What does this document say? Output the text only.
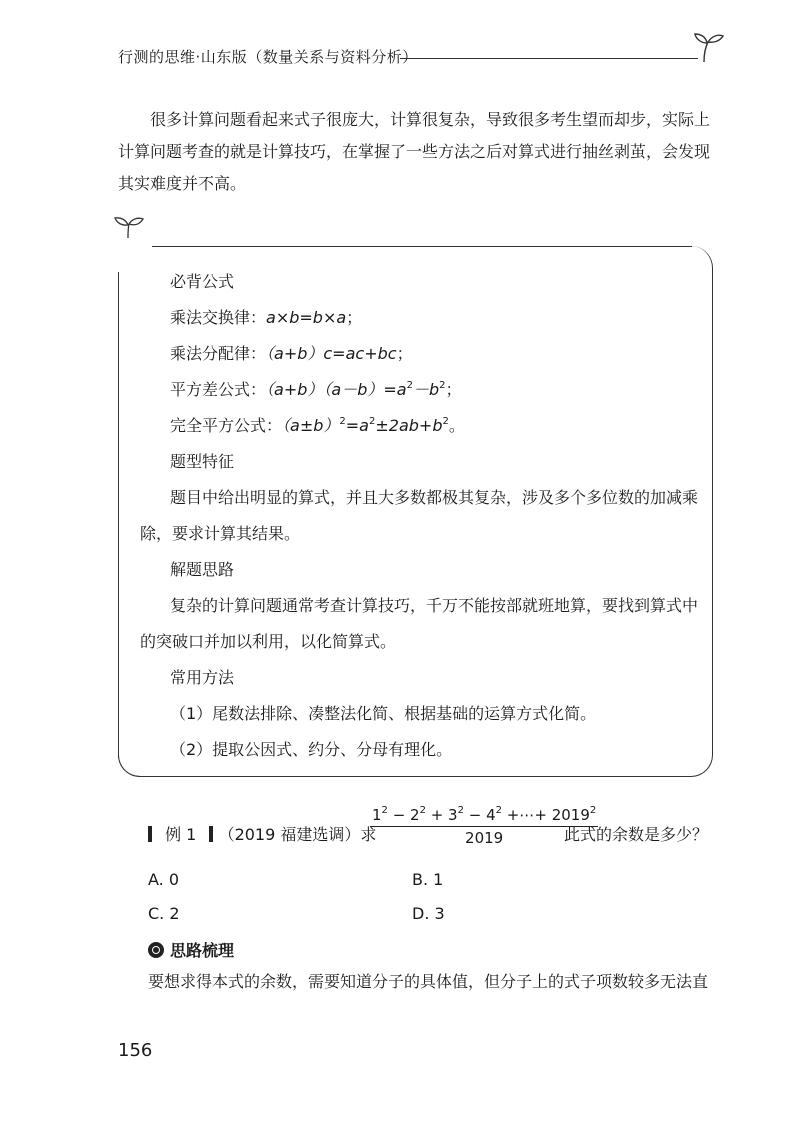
行测的思维·山东版（数量关系与资料分析）

很多计算问题看起来式子很庞大，计算很复杂，导致很多考生望而却步，实际上计算问题考查的就是计算技巧，在掌握了一些方法之后对算式进行抽丝剥茧，会发现其实难度并不高。

必背公式
乘法交换律：a×b=b×a；
乘法分配律：（a+b）c=ac+bc；
平方差公式：$(a+b)(a-b)=a^2-b^2$；
完全平方公式：$(a\pm b)^2=a^2\pm 2ab+b^2$。
题型特征

题目中给出明显的算式，并且大多数都极其复杂，涉及多个多位数的加减乘除，要求计算其结果。

解题思路

复杂的计算问题通常考查计算技巧，千万不能按部就班地算，要找到算式中的突破口并加以利用，以化简算式。

常用方法
（1）尾数法排除、凑整法化简、根据基础的运算方式化简。
（2）提取公因式、约分、分母有理化。
例 1 （2019 福建选调）求
$\frac{1^2 - 2^2 + 3^2 - 4^2 +\cdots+ 2019^2}{2019}$
此式的余数是多少？
A. 0	B. 1
C. 2	D. 3
思路梳理
要想求得本式的余数，需要知道分子的具体值，但分子上的式子项数较多无法直
156
